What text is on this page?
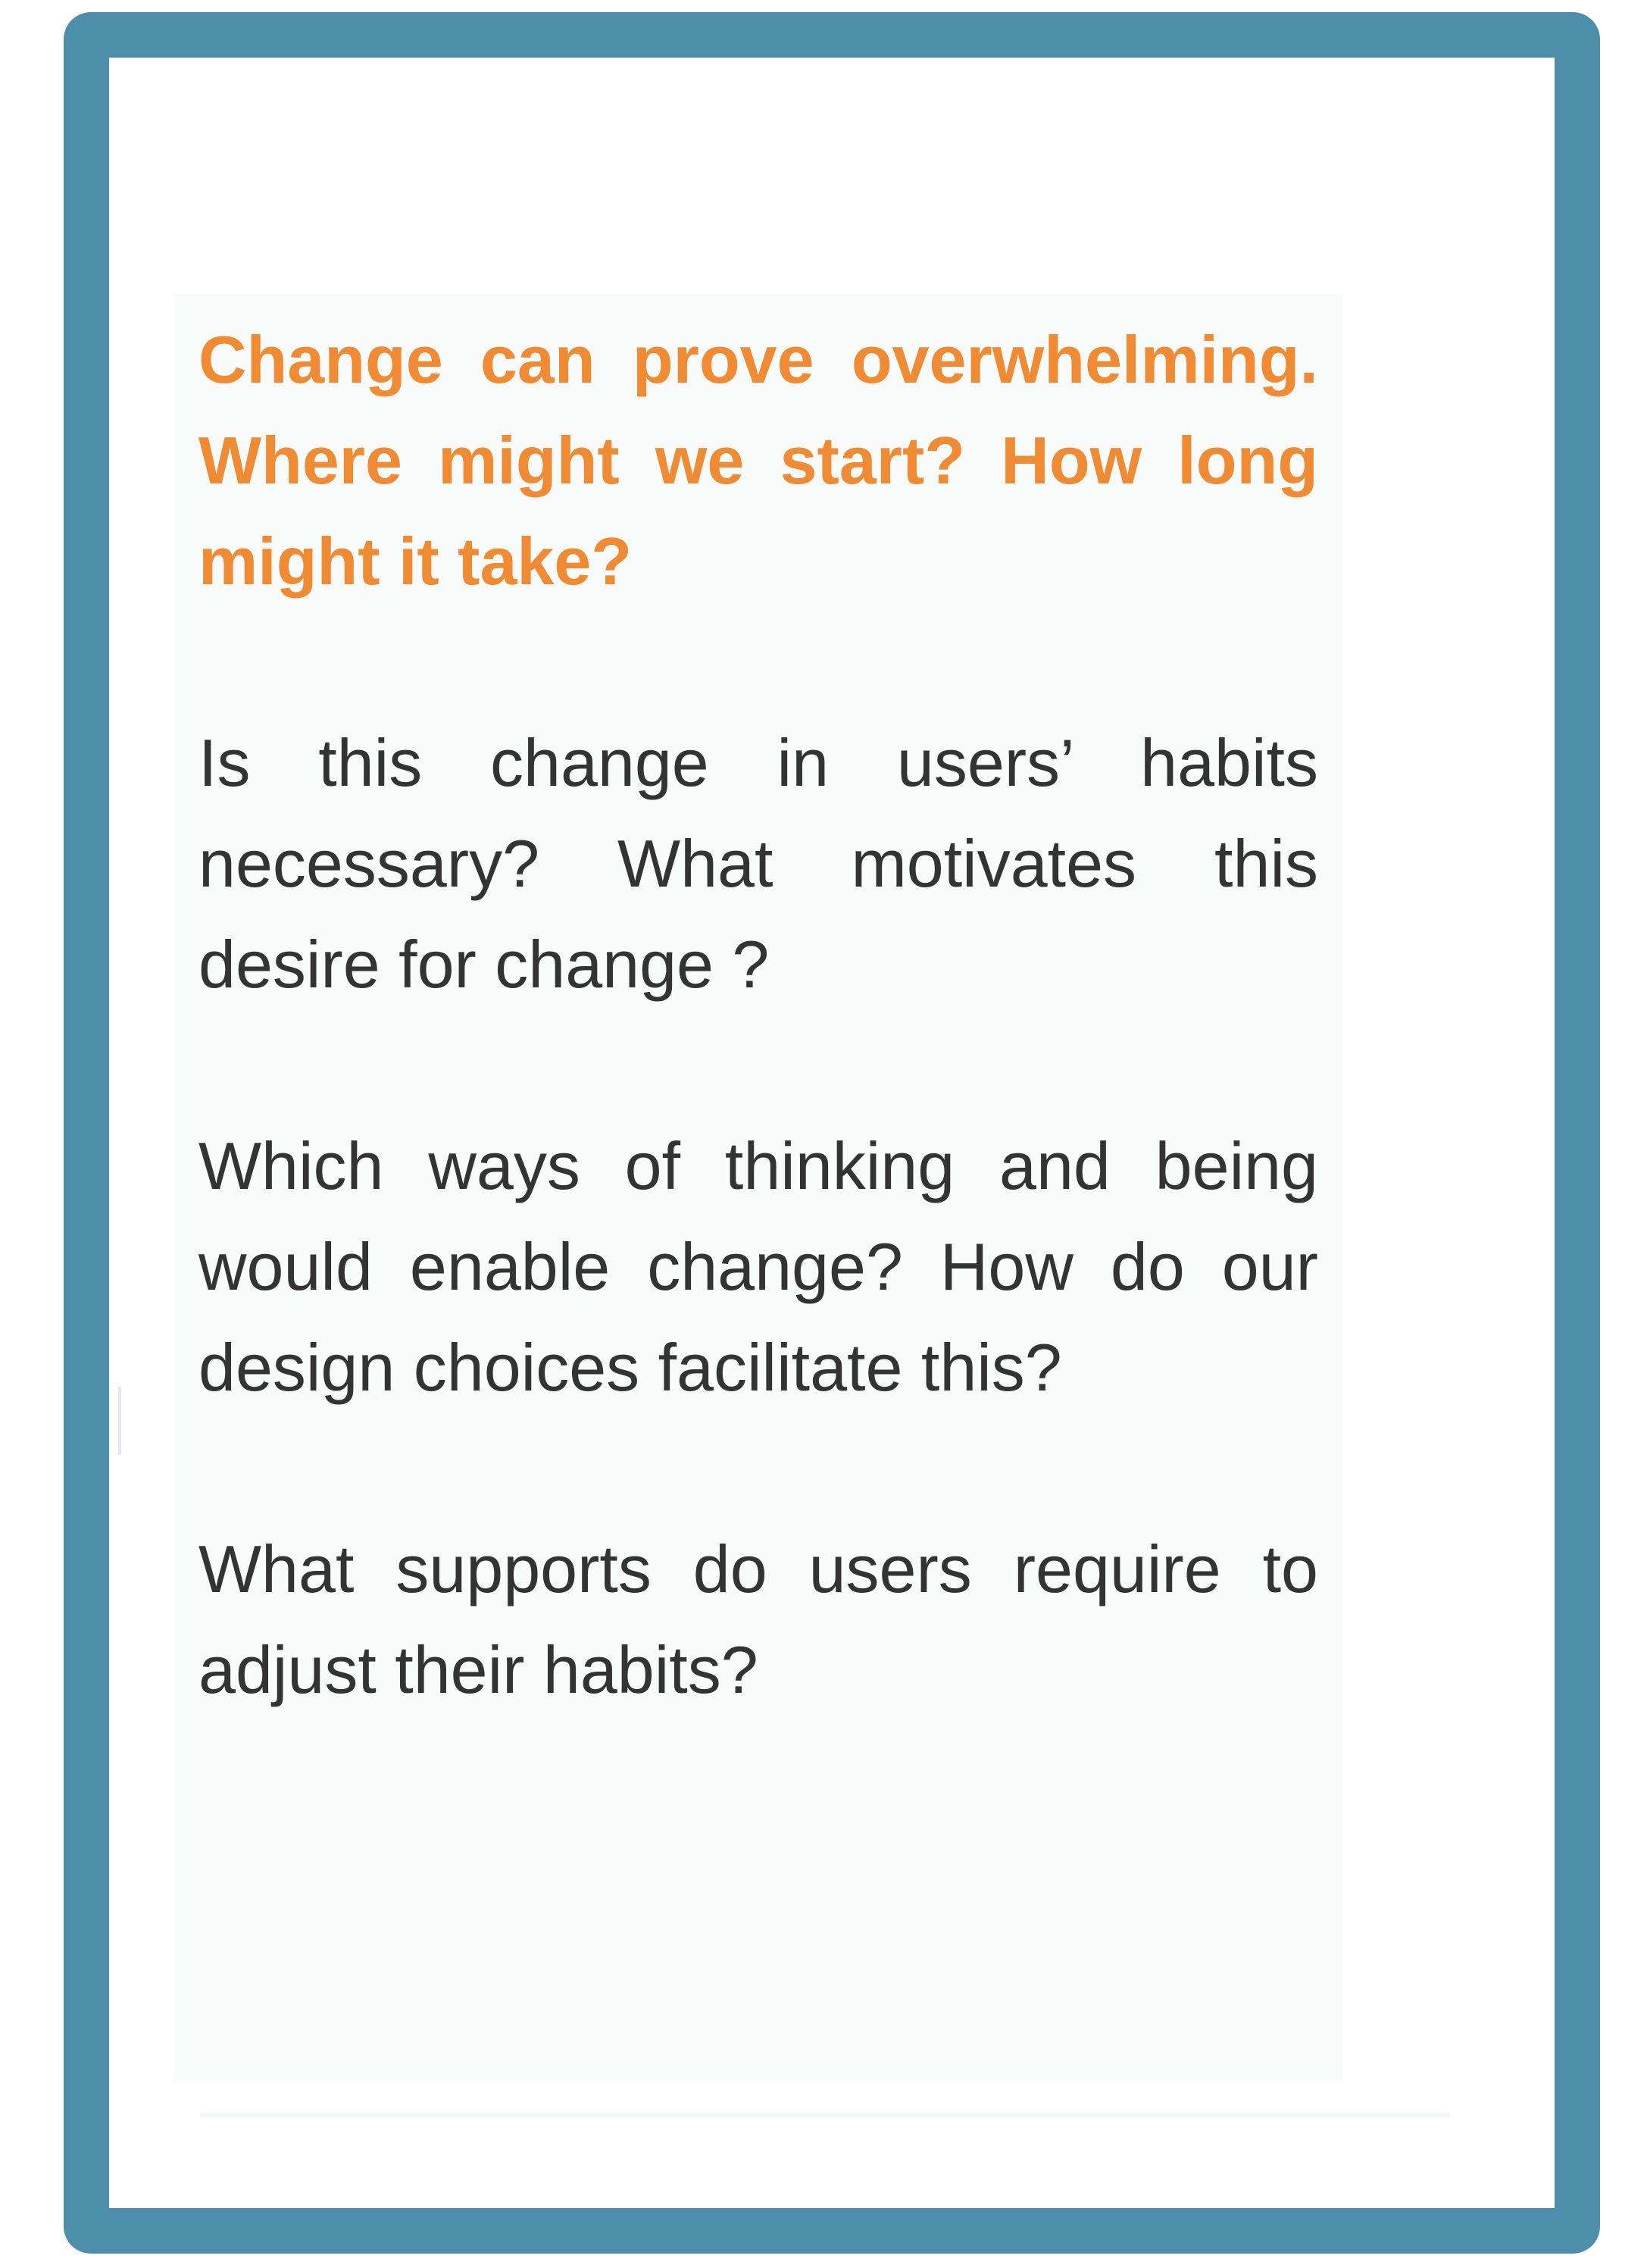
Change can prove overwhelming. Where might we start? How long might it take?

Is this change in users’ habits necessary? What motivates this desire for change ?

Which ways of thinking and being would enable change? How do our design choices facilitate this?

What supports do users require to adjust their habits?
